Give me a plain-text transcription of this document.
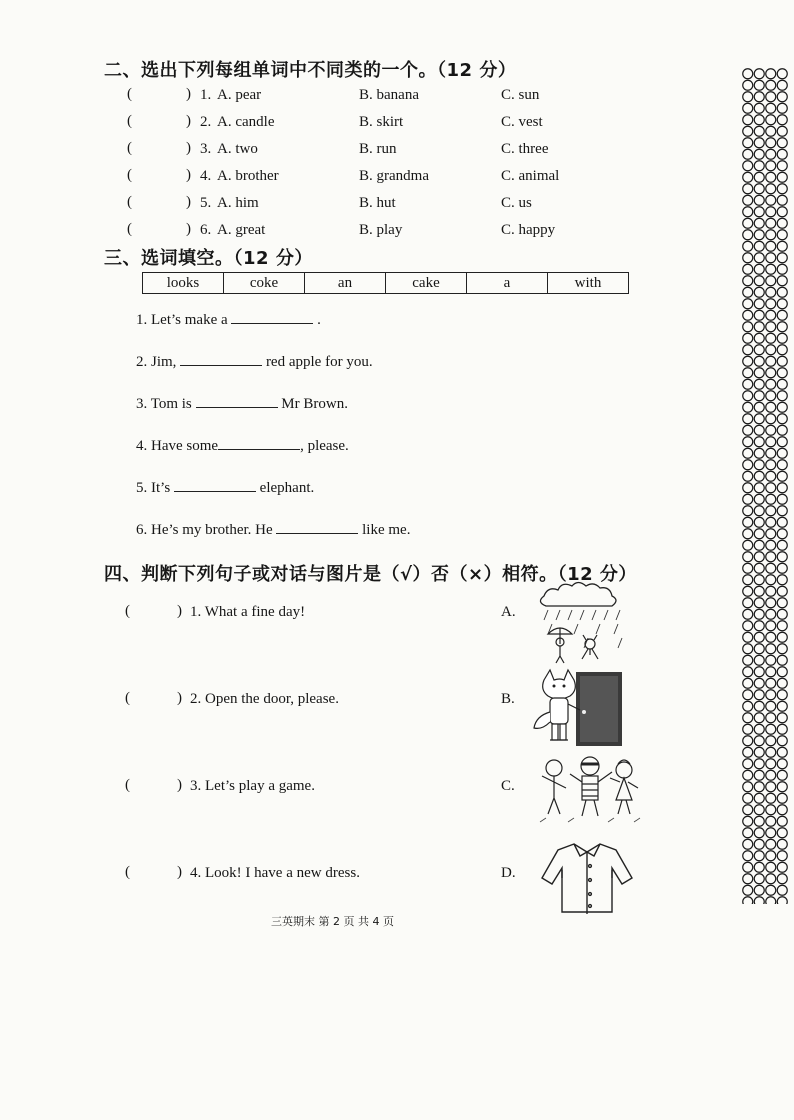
二、选出下列每组单词中不同类的一个。（12 分）
(	) 1. A. pear	B. banana	C. sun
(	) 2. A. candle	B. skirt	C. vest
(	) 3. A. two	B. run	C. three
(	) 4. A. brother	B. grandma	C. animal
(	) 5. A. him	B. hut	C. us
(	) 6. A. great	B. play	C. happy
三、选词填空。（12 分）
looks	coke	an	cake	a	with
1. Let’s make a	.
2. Jim,	red apple for you.
3. Tom is	Mr Brown.
4. Have some	, please.
5. It’s	elephant.
6. He’s my brother. He	like me.
四、判断下列句子或对话与图片是（√）否（×）相符。（12 分）
(	) 1. What a fine day!	A.
(	) 2. Open the door, please.	B.
(	) 3. Let’s play a game.	C.
(	) 4. Look! I have a new dress.	D.
三英期末 第 2 页 共 4 页
